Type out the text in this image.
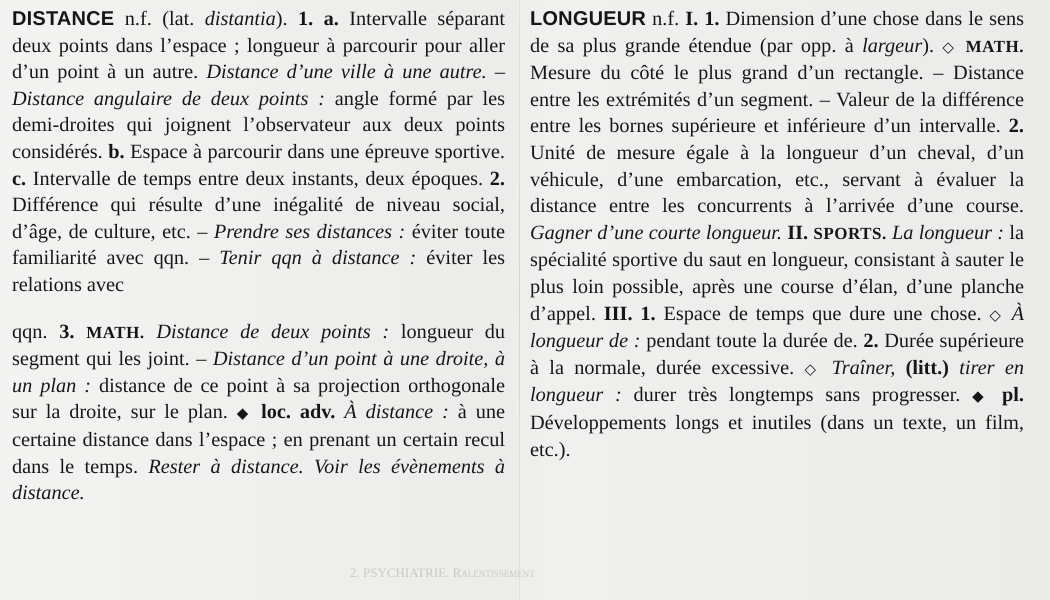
DISTANCE n.f. (lat. distantia). 1. a. Intervalle séparant deux points dans l’espace ; longueur à parcourir pour aller d’un point à un autre. Distance d’une ville à une autre. – Distance angulaire de deux points : angle formé par les demi-droites qui joignent l’observateur aux deux points considérés. b. Espace à parcourir dans une épreuve sportive. c. Intervalle de temps entre deux instants, deux époques. 2. Différence qui résulte d’une inégalité de niveau social, d’âge, de culture, etc. – Prendre ses distances : éviter toute familiarité avec qqn. – Tenir qqn à distance : éviter les relations avec

qqn. 3. MATH. Distance de deux points : longueur du segment qui les joint. – Distance d’un point à une droite, à un plan : distance de ce point à sa projection orthogonale sur la droite, sur le plan. ◆ loc. adv. À distance : à une certaine distance dans l’espace ; en prenant un certain recul dans le temps. Rester à distance. Voir les évènements à distance.

LONGUEUR n.f. I. 1. Dimension d’une chose dans le sens de sa plus grande étendue (par opp. à largeur). ◇ MATH. Mesure du côté le plus grand d’un rectangle. – Distance entre les extrémités d’un segment. – Valeur de la différence entre les bornes supérieure et inférieure d’un intervalle. 2. Unité de mesure égale à la longueur d’un cheval, d’un véhicule, d’une embarcation, etc., servant à évaluer la distance entre les concurrents à l’arrivée d’une course. Gagner d’une courte longueur. II. SPORTS. La longueur : la spécialité sportive du saut en longueur, consistant à sauter le plus loin possible, après une course d’élan, d’une planche d’appel. III. 1. Espace de temps que dure une chose. ◇ À longueur de : pendant toute la durée de. 2. Durée supérieure à la normale, durée excessive. ◇ Traîner, (litt.) tirer en longueur : durer très longtemps sans progresser. ◆ pl. Développements longs et inutiles (dans un texte, un film, etc.).

2. PSYCHIATRIE. Ralentissement
